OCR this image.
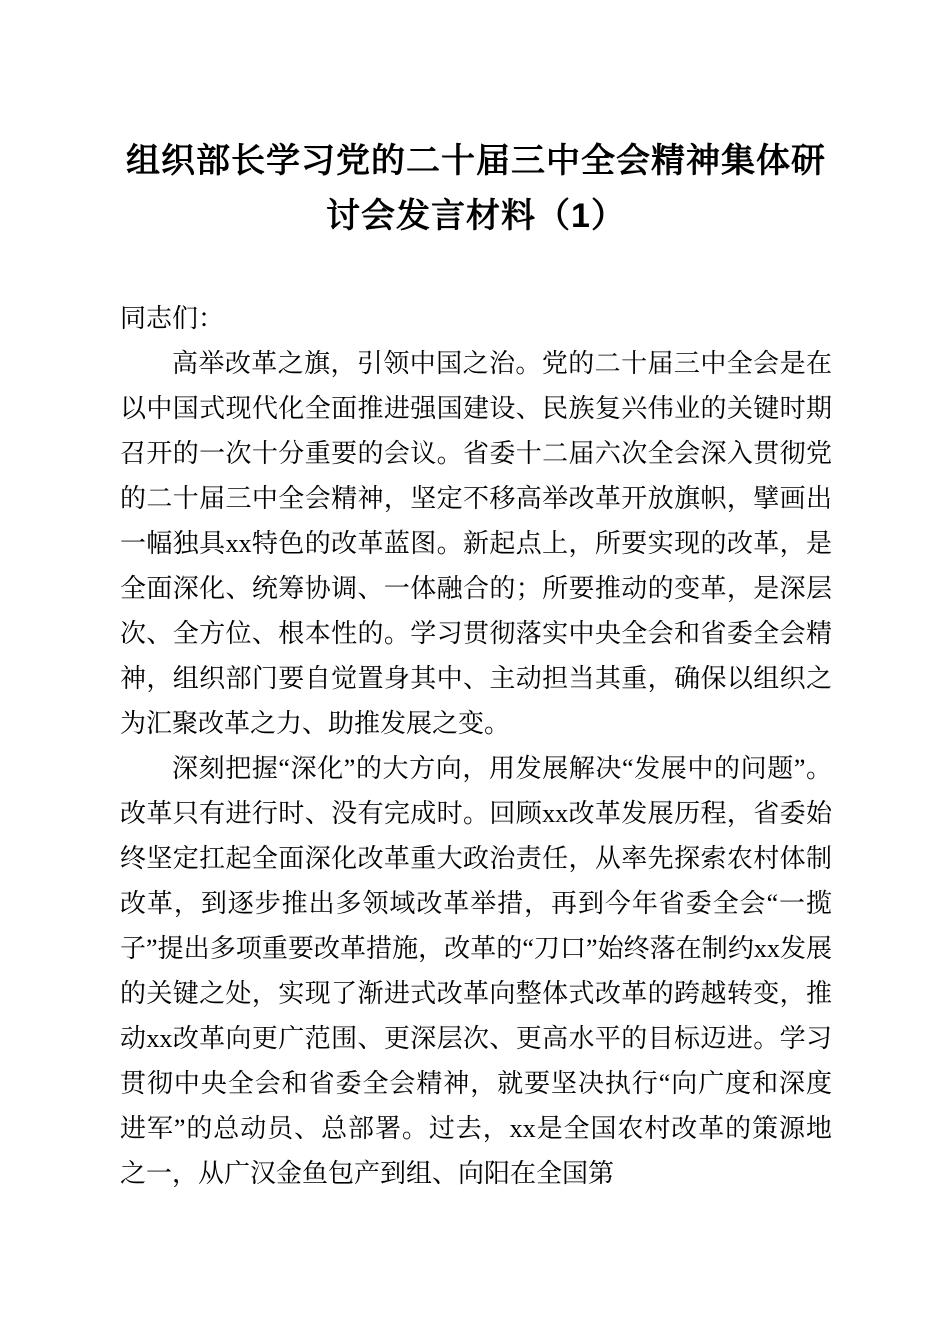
组织部长学习党的二十届三中全会精神集体研讨会发言材料（1）

同志们：

高举改革之旗，引领中国之治。党的二十届三中全会是在以中国式现代化全面推进强国建设、民族复兴伟业的关键时期召开的一次十分重要的会议。省委十二届六次全会深入贯彻党的二十届三中全会精神，坚定不移高举改革开放旗帜，擘画出一幅独具xx特色的改革蓝图。新起点上，所要实现的改革，是全面深化、统筹协调、一体融合的；所要推动的变革，是深层次、全方位、根本性的。学习贯彻落实中央全会和省委全会精神，组织部门要自觉置身其中、主动担当其重，确保以组织之为汇聚改革之力、助推发展之变。

深刻把握“深化”的大方向，用发展解决“发展中的问题”。改革只有进行时、没有完成时。回顾xx改革发展历程，省委始终坚定扛起全面深化改革重大政治责任，从率先探索农村体制改革，到逐步推出多领域改革举措，再到今年省委全会“一揽子”提出多项重要改革措施，改革的“刀口”始终落在制约xx发展的关键之处，实现了渐进式改革向整体式改革的跨越转变，推动xx改革向更广范围、更深层次、更高水平的目标迈进。学习贯彻中央全会和省委全会精神，就要坚决执行“向广度和深度进军”的总动员、总部署。过去，xx是全国农村改革的策源地之一，从广汉金鱼包产到组、向阳在全国第
